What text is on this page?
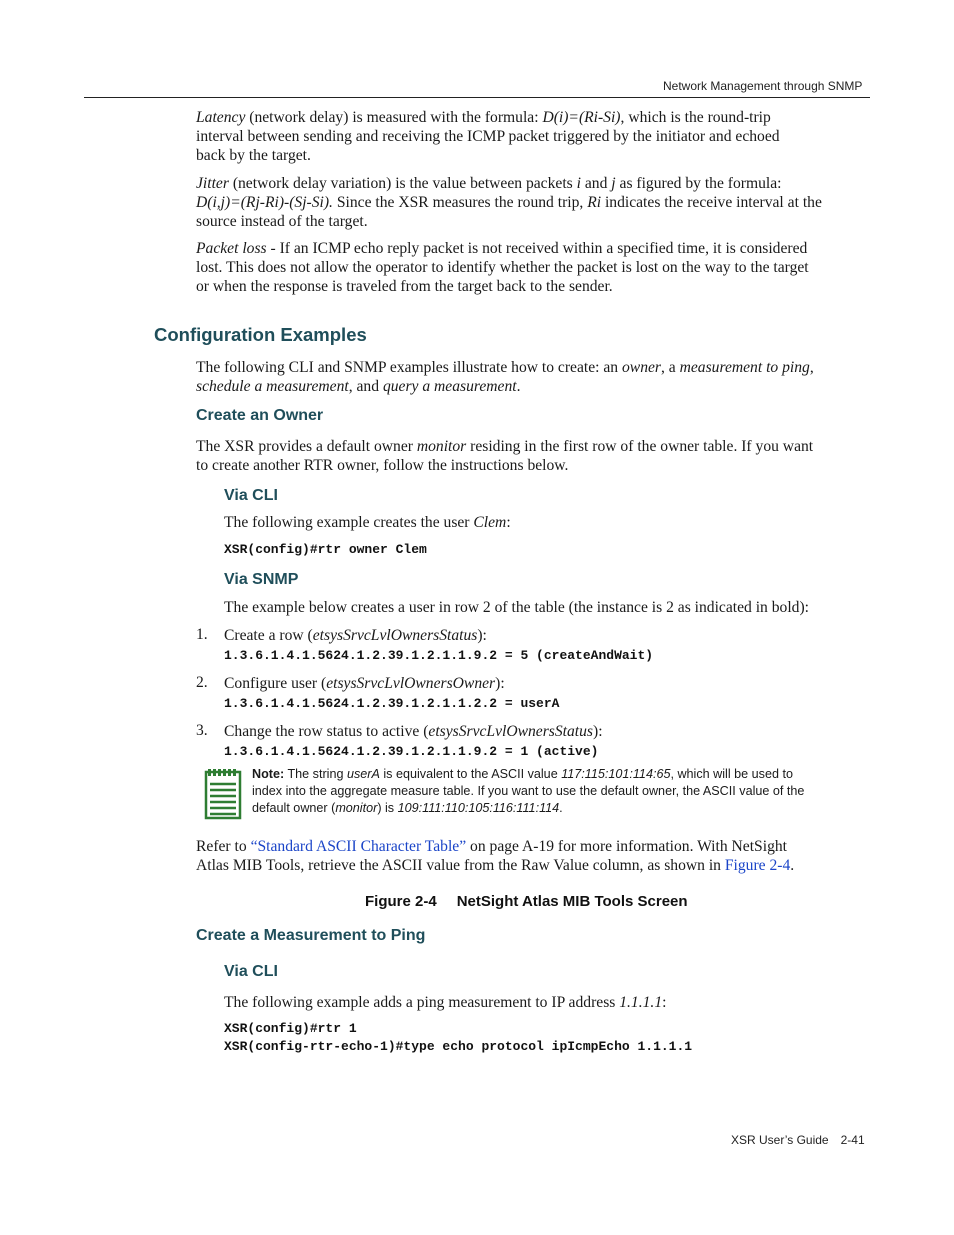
Network Management through SNMP
Latency (network delay) is measured with the formula: D(i)=(Ri-Si), which is the round-trip
interval between sending and receiving the ICMP packet triggered by the initiator and echoed
back by the target.
Jitter (network delay variation) is the value between packets i and j as figured by the formula:
D(i,j)=(Rj-Ri)-(Sj-Si). Since the XSR measures the round trip, Ri indicates the receive interval at the
source instead of the target.
Packet loss - If an ICMP echo reply packet is not received within a specified time, it is considered
lost. This does not allow the operator to identify whether the packet is lost on the way to the target
or when the response is traveled from the target back to the sender.
Configuration Examples
The following CLI and SNMP examples illustrate how to create: an owner, a measurement to ping,
schedule a measurement, and query a measurement.
Create an Owner
The XSR provides a default owner monitor residing in the first row of the owner table. If you want
to create another RTR owner, follow the instructions below.
Via CLI
The following example creates the user Clem:
XSR(config)#rtr owner Clem
Via SNMP
The example below creates a user in row 2 of the table (the instance is 2 as indicated in bold):
1. Create a row (etsysSrvcLvlOwnersStatus):
1.3.6.1.4.1.5624.1.2.39.1.2.1.1.9.2 = 5 (createAndWait)
2. Configure user (etsysSrvcLvlOwnersOwner):
1.3.6.1.4.1.5624.1.2.39.1.2.1.1.2.2 = userA
3. Change the row status to active (etsysSrvcLvlOwnersStatus):
1.3.6.1.4.1.5624.1.2.39.1.2.1.1.9.2 = 1 (active)
Note: The string userA is equivalent to the ASCII value 117:115:101:114:65, which will be used to
index into the aggregate measure table. If you want to use the default owner, the ASCII value of the
default owner (monitor) is 109:111:110:105:116:111:114.
Refer to “Standard ASCII Character Table” on page A-19 for more information. With NetSight
Atlas MIB Tools, retrieve the ASCII value from the Raw Value column, as shown in Figure 2-4.
Figure 2-4 NetSight Atlas MIB Tools Screen
Create a Measurement to Ping
Via CLI
The following example adds a ping measurement to IP address 1.1.1.1:
XSR(config)#rtr 1
XSR(config-rtr-echo-1)#type echo protocol ipIcmpEcho 1.1.1.1
XSR User’s Guide 2-41
